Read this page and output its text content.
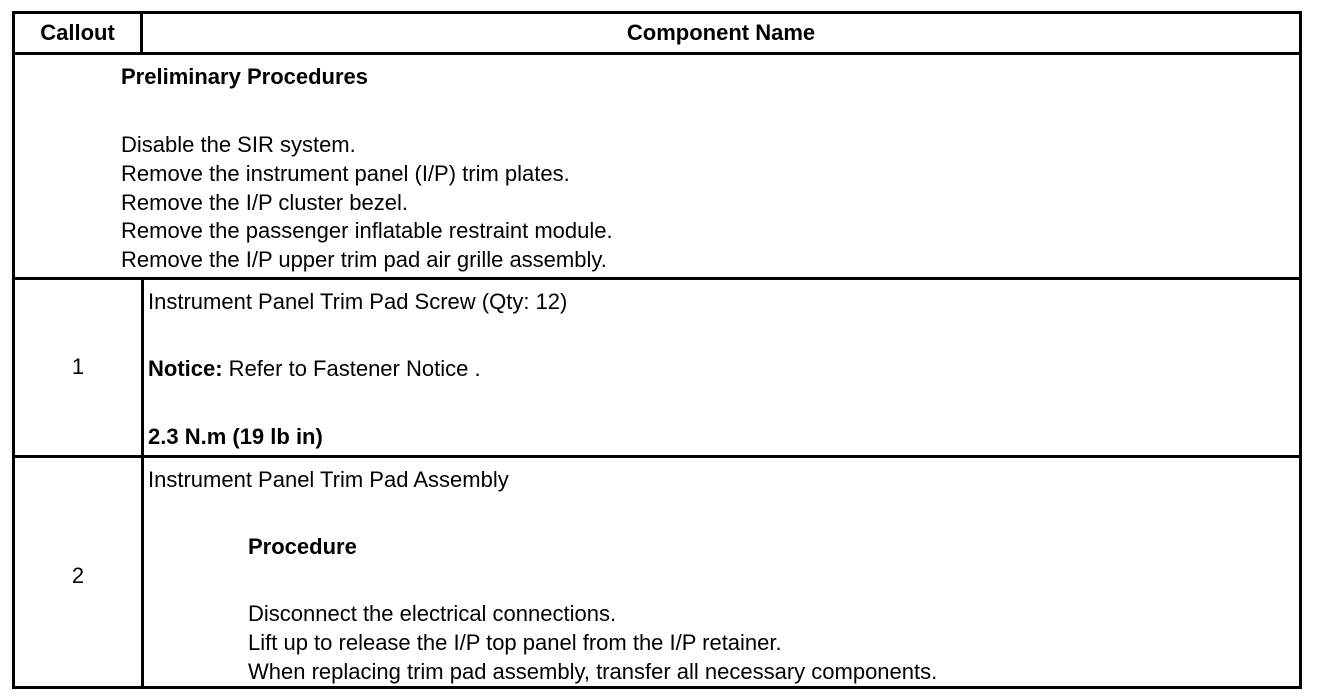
Callout	Component Name
Preliminary Procedures
Disable the SIR system.
Remove the instrument panel (I/P) trim plates.
Remove the I/P cluster bezel.
Remove the passenger inflatable restraint module.
Remove the I/P upper trim pad air grille assembly.
1
Instrument Panel Trim Pad Screw (Qty: 12)
Notice: Refer to Fastener Notice .
2.3 N.m (19 lb in)
2
Instrument Panel Trim Pad Assembly
Procedure
Disconnect the electrical connections.
Lift up to release the I/P top panel from the I/P retainer.
When replacing trim pad assembly, transfer all necessary components.
